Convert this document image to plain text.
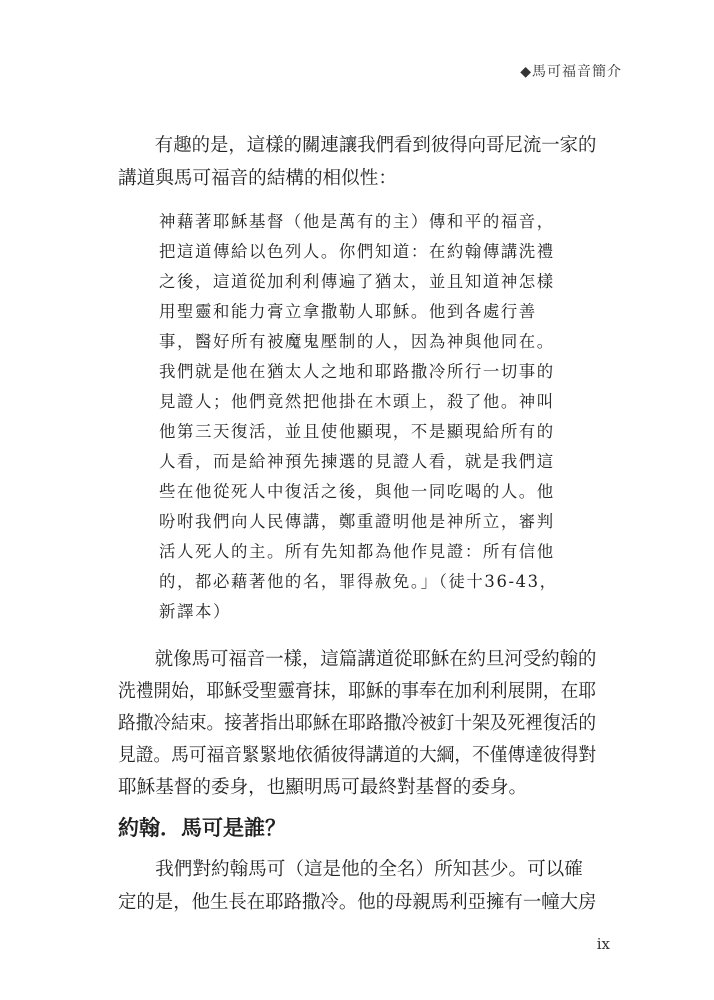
◆馬可福音簡介

　　有趣的是，這樣的關連讓我們看到彼得向哥尼流一家的

講道與馬可福音的結構的相似性：

神藉著耶穌基督（他是萬有的主）傳和平的福音，

把這道傳給以色列人。你們知道：在約翰傳講洗禮

之後，這道從加利利傳遍了猶太，並且知道神怎樣

用聖靈和能力膏立拿撒勒人耶穌。他到各處行善

事，醫好所有被魔鬼壓制的人，因為神與他同在。

我們就是他在猶太人之地和耶路撒冷所行一切事的

見證人；他們竟然把他掛在木頭上，殺了他。神叫

他第三天復活，並且使他顯現，不是顯現給所有的

人看，而是給神預先揀選的見證人看，就是我們這

些在他從死人中復活之後，與他一同吃喝的人。他

吩咐我們向人民傳講，鄭重證明他是神所立，審判

活人死人的主。所有先知都為他作見證：所有信他

的，都必藉著他的名，罪得赦免。」（徒十36-43，

新譯本）

　　就像馬可福音一樣，這篇講道從耶穌在約旦河受約翰的

洗禮開始，耶穌受聖靈膏抹，耶穌的事奉在加利利展開，在耶

路撒冷結束。接著指出耶穌在耶路撒冷被釘十架及死裡復活的

見證。馬可福音緊緊地依循彼得講道的大綱，不僅傳達彼得對

耶穌基督的委身，也顯明馬可最終對基督的委身。

約翰．馬可是誰？

　　我們對約翰馬可（這是他的全名）所知甚少。可以確

定的是，他生長在耶路撒冷。他的母親馬利亞擁有一幢大房

ix
